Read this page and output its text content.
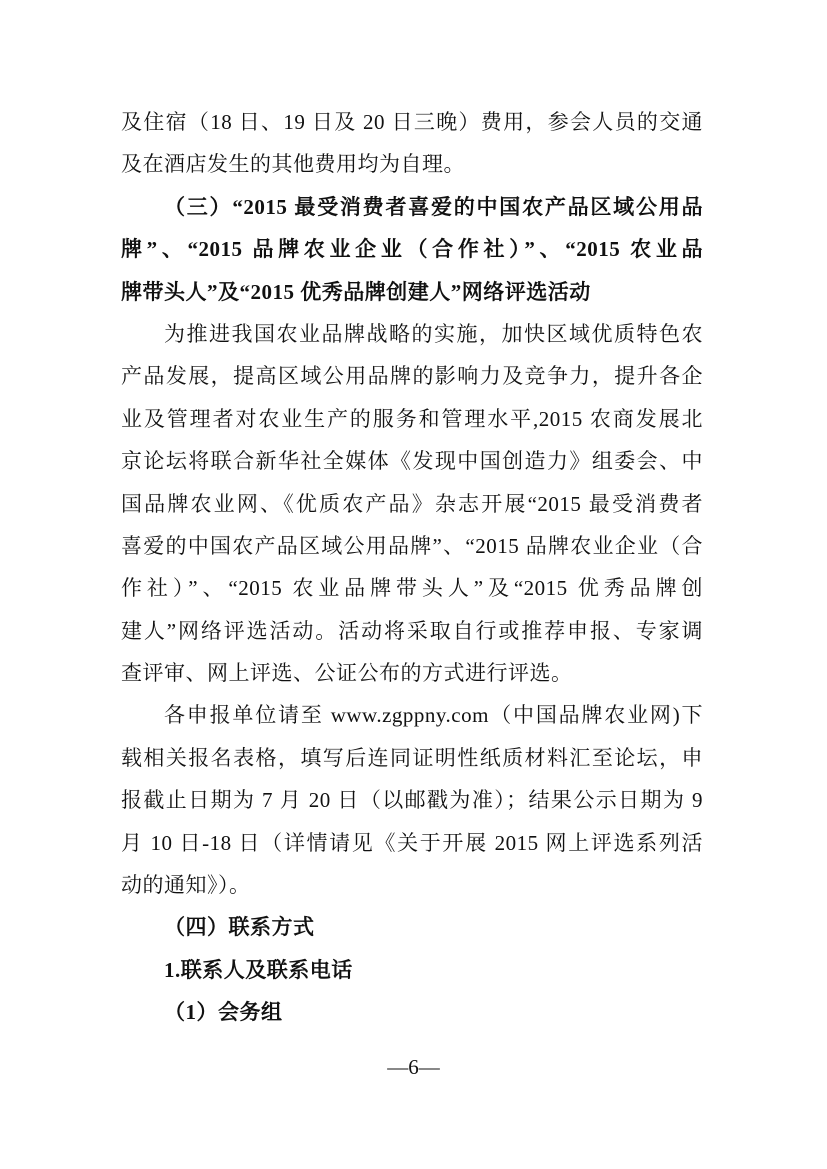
及住宿（18 日、19 日及 20 日三晚）费用，参会人员的交通
及在酒店发生的其他费用均为自理。
（三）“2015 最受消费者喜爱的中国农产品区域公用品
牌”、“2015 品牌农业企业（合作社）”、“2015 农业品
牌带头人”及“2015 优秀品牌创建人”网络评选活动
为推进我国农业品牌战略的实施，加快区域优质特色农
产品发展，提高区域公用品牌的影响力及竞争力，提升各企
业及管理者对农业生产的服务和管理水平,2015 农商发展北
京论坛将联合新华社全媒体《发现中国创造力》组委会、中
国品牌农业网、《优质农产品》杂志开展“2015 最受消费者
喜爱的中国农产品区域公用品牌”、“2015 品牌农业企业（合
作社）”、“2015 农业品牌带头人”及“2015 优秀品牌创
建人”网络评选活动。活动将采取自行或推荐申报、专家调
查评审、网上评选、公证公布的方式进行评选。
各申报单位请至 www.zgppny.com（中国品牌农业网)下
载相关报名表格，填写后连同证明性纸质材料汇至论坛，申
报截止日期为 7 月 20 日（以邮戳为准）；结果公示日期为 9
月 10 日-18 日（详情请见《关于开展 2015 网上评选系列活
动的通知》）。
（四）联系方式
1.联系人及联系电话
（1）会务组
—6—
